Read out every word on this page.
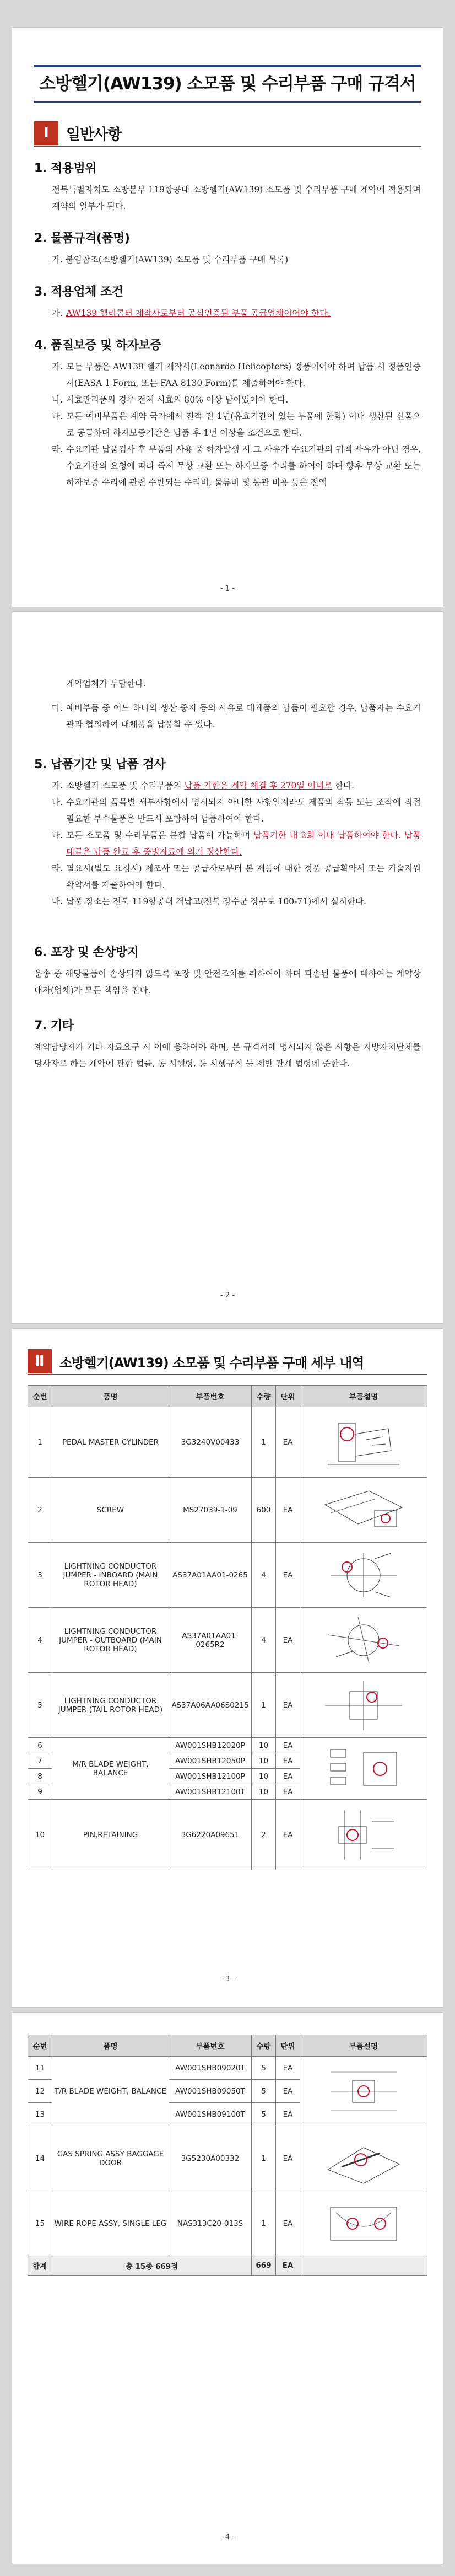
소방헬기(AW139) 소모품 및 수리부품 구매 규격서
Ⅰ	일반사항
1. 적용범위

전북특별자치도 소방본부 119항공대 소방헬기(AW139) 소모품 및 수리부품 구매 계약에 적용되며 계약의 일부가 된다.

2. 물품규격(품명)

가. 붙임참조(소방헬기(AW139) 소모품 및 수리부품 구매 목록)

3. 적용업체 조건
가. AW139 헬리콥터 제작사로부터 공식인증된 부품 공급업체이어야 한다.
4. 품질보증 및 하자보증
가. 모든 부품은 AW139 헬기 제작사(Leonardo Helicopters) 정품이어야 하며 납품 시 정품인증서(EASA 1 Form, 또는 FAA 8130 Form)를 제출하여야 한다.
나. 시효관리품의 경우 전체 시효의 80% 이상 남아있어야 한다.
다. 모든 예비부품은 계약 국가에서 전적 전 1년(유효기간이 있는 부품에 한함) 이내 생산된 신품으로 공급하며 하자보증기간은 납품 후 1년 이상을 조건으로 한다.
라. 수요기관 납품검사 후 부품의 사용 중 하자발생 시 그 사유가 수요기관의 귀책 사유가 아닌 경우, 수요기관의 요청에 따라 즉시 무상 교환 또는 하자보증 수리를 하여야 하며 향후 무상 교환 또는 하자보증 수리에 관련 수반되는 수리비, 물류비 및 통관 비용 등은 전액
- 1 -

계약업체가 부담한다.

마. 예비부품 중 어느 하나의 생산 중지 등의 사유로 대체품의 납품이 필요할 경우, 납품자는 수요기관과 협의하여 대체품을 납품할 수 있다.
5. 납품기간 및 납품 검사
가. 소방헬기 소모품 및 수리부품의 납품 기한은 계약 체결 후 270일 이내로 한다.
나. 수요기관의 품목별 세부사항에서 명시되지 아니한 사항일지라도 제품의 작동 또는 조작에 직접 필요한 부수물품은 반드시 포함하여 납품하여야 한다.
다. 모든 소모품 및 수리부품은 분할 납품이 가능하며 납품기한 내 2회 이내 납품하여야 한다. 납품 대금은 납품 완료 후 증빙자료에 의거 정산한다.
라. 필요시(별도 요청시) 제조사 또는 공급사로부터 본 제품에 대한 정품 공급확약서 또는 기술지원 확약서를 제출하여야 한다.
마. 납품 장소는 전북 119항공대 격납고(전북 장수군 장무로 100-71)에서 실시한다.
6. 포장 및 손상방지

운송 중 해당물품이 손상되지 않도록 포장 및 안전조치를 취하여야 하며 파손된 물품에 대하여는 계약상대자(업체)가 모든 책임을 진다.

7. 기타

계약담당자가 기타 자료요구 시 이에 응하여야 하며, 본 규격서에 명시되지 않은 사항은 지방자치단체를 당사자로 하는 계약에 관한 법률, 동 시행령, 동 시행규칙 등 제반 관계 법령에 준한다.

- 2 -
Ⅱ	소방헬기(AW139) 소모품 및 수리부품 구매 세부 내역
순번	품명	부품번호	수량	단위	부품설명
1	PEDAL MASTER CYLINDER	3G3240V00433	1	EA	

2	SCREW	MS27039-1-09	600	EA	

3	LIGHTNING CONDUCTOR JUMPER - INBOARD (MAIN ROTOR HEAD)	AS37A01AA01-0265	4	EA	

4	LIGHTNING CONDUCTOR JUMPER - OUTBOARD (MAIN ROTOR HEAD)	AS37A01AA01-0265R2	4	EA	

5	LIGHTNING CONDUCTOR JUMPER (TAIL ROTOR HEAD)	AS37A06AA06S0215	1	EA	

6	M/R BLADE WEIGHT, BALANCE	AW001SHB12020P	10	EA	

7		AW001SHB12050P	10	EA	
8		AW001SHB12100P	10	EA	
9		AW001SHB12100T	10	EA	
10	PIN,RETAINING	3G6220A09651	2	EA	
- 3 -
순번	품명	부품번호	수량	단위	부품설명
11	T/R BLADE WEIGHT, BALANCE	AW001SHB09020T	5	EA	

12		AW001SHB09050T	5	EA	
13		AW001SHB09100T	5	EA	
14	GAS SPRING ASSY BAGGAGE DOOR	3G5230A00332	1	EA	

15	WIRE ROPE ASSY, SINGLE LEG	NAS313C20-013S	1	EA	

합계	총 15종 669점		669	EA	
- 4 -
